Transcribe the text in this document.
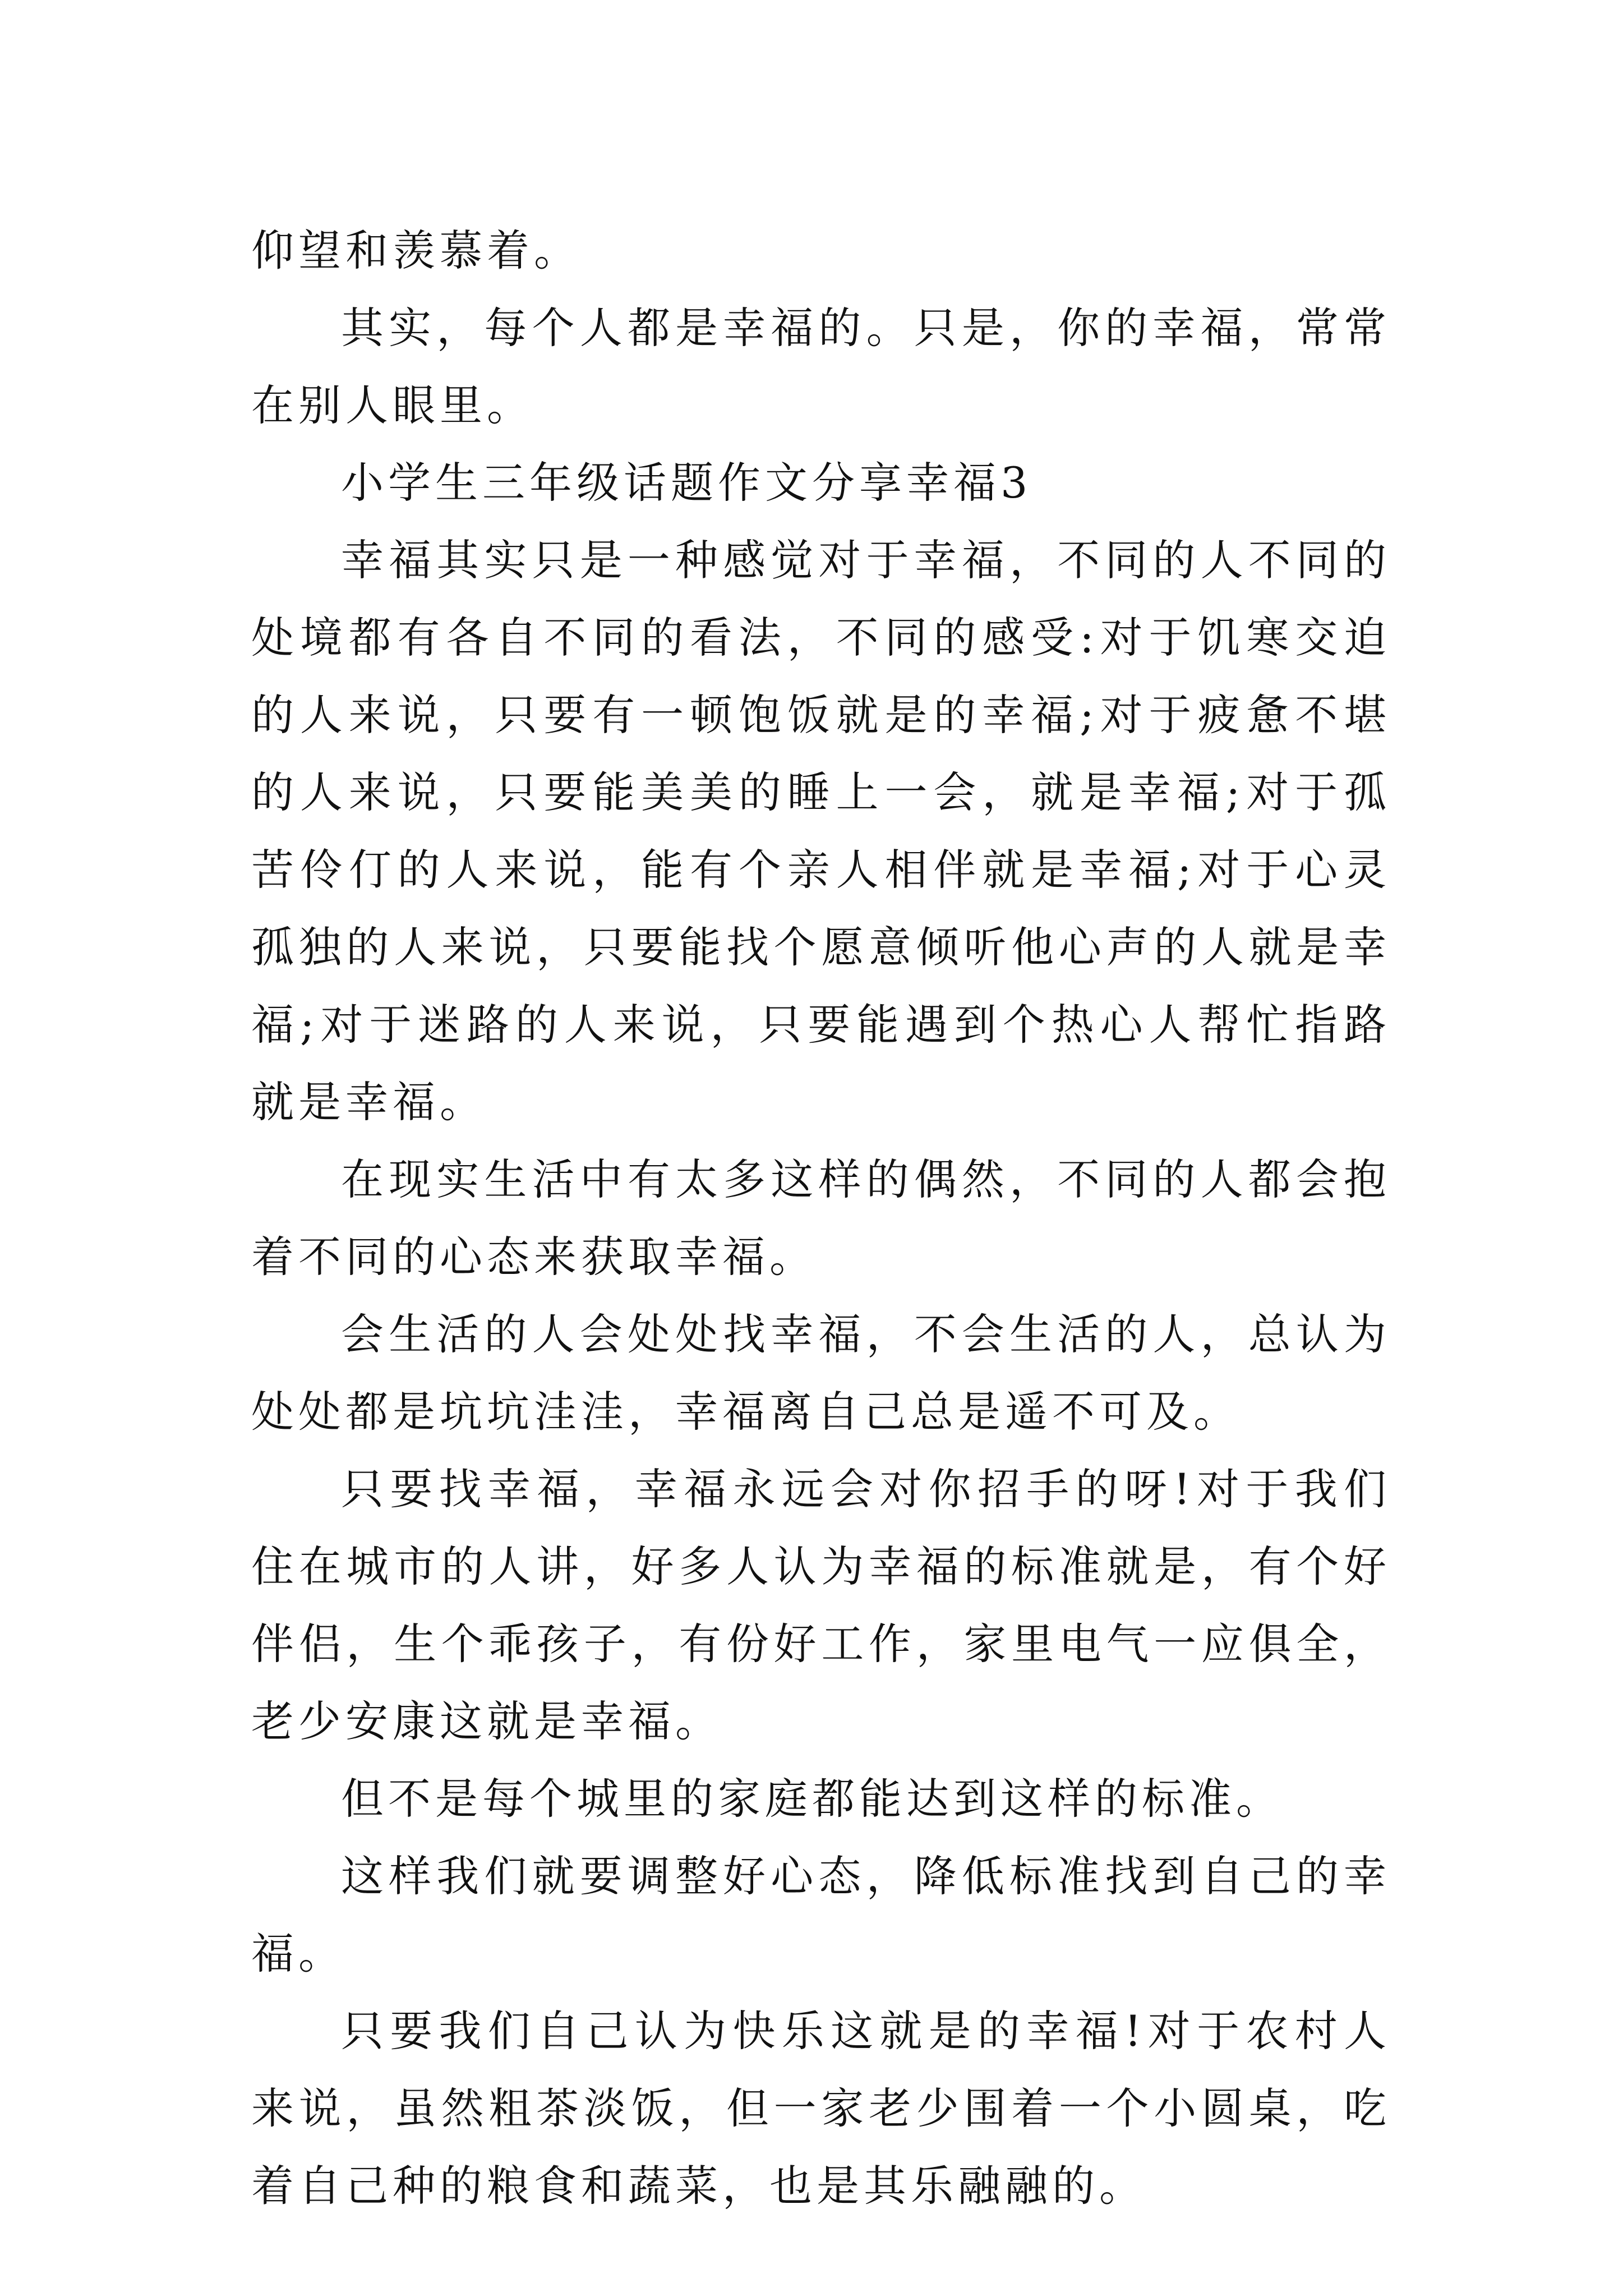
仰望和羡慕着。

其实，每个人都是幸福的。只是，你的幸福，常常在别人眼里。

小学生三年级话题作文分享幸福3

幸福其实只是一种感觉对于幸福，不同的人不同的处境都有各自不同的看法，不同的感受:对于饥寒交迫的人来说，只要有一顿饱饭就是的幸福;对于疲惫不堪的人来说，只要能美美的睡上一会，就是幸福;对于孤苦伶仃的人来说，能有个亲人相伴就是幸福;对于心灵孤独的人来说，只要能找个愿意倾听他心声的人就是幸福;对于迷路的人来说，只要能遇到个热心人帮忙指路就是幸福。

在现实生活中有太多这样的偶然，不同的人都会抱着不同的心态来获取幸福。

会生活的人会处处找幸福，不会生活的人，总认为处处都是坑坑洼洼，幸福离自己总是遥不可及。

只要找幸福，幸福永远会对你招手的呀!对于我们住在城市的人讲，好多人认为幸福的标准就是，有个好伴侣，生个乖孩子，有份好工作，家里电气一应俱全，老少安康这就是幸福。

但不是每个城里的家庭都能达到这样的标准。

这样我们就要调整好心态，降低标准找到自己的幸福。

只要我们自己认为快乐这就是的幸福!对于农村人来说，虽然粗茶淡饭，但一家老少围着一个小圆桌，吃着自己种的粮食和蔬菜，也是其乐融融的。
